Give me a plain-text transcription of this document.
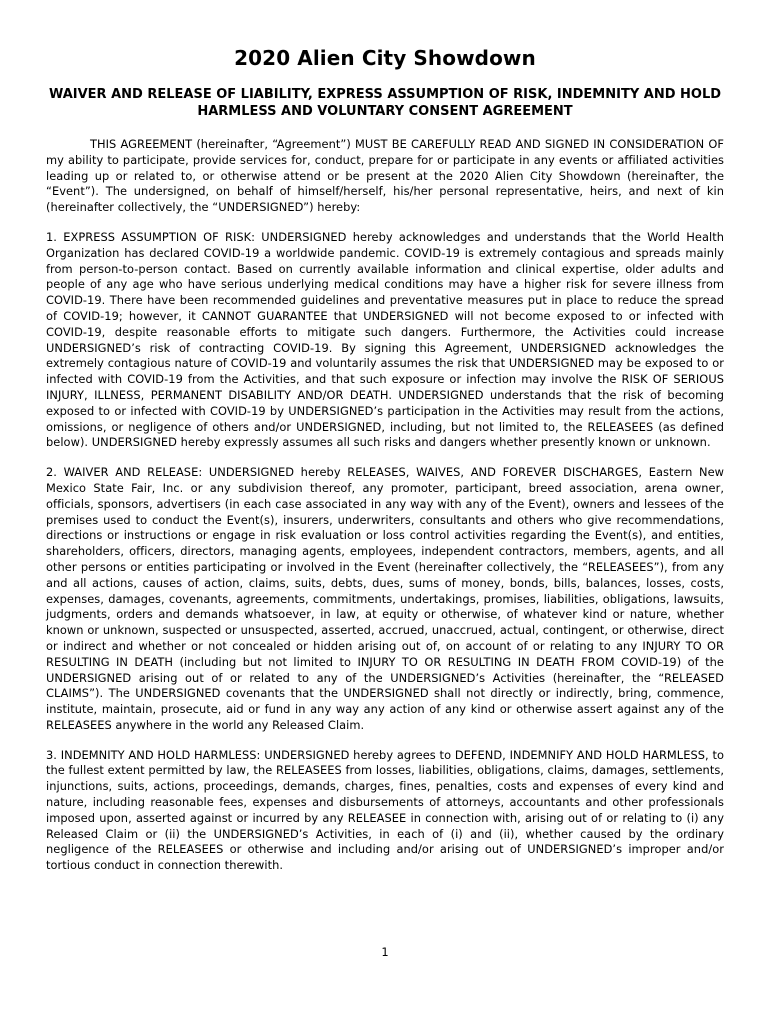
2020 Alien City Showdown
WAIVER AND RELEASE OF LIABILITY, EXPRESS ASSUMPTION OF RISK, INDEMNITY AND HOLD HARMLESS AND VOLUNTARY CONSENT AGREEMENT

THIS AGREEMENT (hereinafter, “Agreement”) MUST BE CAREFULLY READ AND SIGNED IN CONSIDERATION OF my ability to participate, provide services for, conduct, prepare for or participate in any events or affiliated activities leading up or related to, or otherwise attend or be present at the 2020 Alien City Showdown (hereinafter, the “Event”). The undersigned, on behalf of himself/herself, his/her personal representative, heirs, and next of kin (hereinafter collectively, the “UNDERSIGNED”) hereby:

1. EXPRESS ASSUMPTION OF RISK: UNDERSIGNED hereby acknowledges and understands that the World Health Organization has declared COVID-19 a worldwide pandemic. COVID-19 is extremely contagious and spreads mainly from person-to-person contact. Based on currently available information and clinical expertise, older adults and people of any age who have serious underlying medical conditions may have a higher risk for severe illness from COVID-19. There have been recommended guidelines and preventative measures put in place to reduce the spread of COVID-19; however, it CANNOT GUARANTEE that UNDERSIGNED will not become exposed to or infected with COVID-19, despite reasonable efforts to mitigate such dangers. Furthermore, the Activities could increase UNDERSIGNED’s risk of contracting COVID-19. By signing this Agreement, UNDERSIGNED acknowledges the extremely contagious nature of COVID-19 and voluntarily assumes the risk that UNDERSIGNED may be exposed to or infected with COVID-19 from the Activities, and that such exposure or infection may involve the RISK OF SERIOUS INJURY, ILLNESS, PERMANENT DISABILITY AND/OR DEATH. UNDERSIGNED understands that the risk of becoming exposed to or infected with COVID-19 by UNDERSIGNED’s participation in the Activities may result from the actions, omissions, or negligence of others and/or UNDERSIGNED, including, but not limited to, the RELEASEES (as defined below). UNDERSIGNED hereby expressly assumes all such risks and dangers whether presently known or unknown.

2. WAIVER AND RELEASE: UNDERSIGNED hereby RELEASES, WAIVES, AND FOREVER DISCHARGES, Eastern New Mexico State Fair, Inc. or any subdivision thereof, any promoter, participant, breed association, arena owner, officials, sponsors, advertisers (in each case associated in any way with any of the Event), owners and lessees of the premises used to conduct the Event(s), insurers, underwriters, consultants and others who give recommendations, directions or instructions or engage in risk evaluation or loss control activities regarding the Event(s), and entities, shareholders, officers, directors, managing agents, employees, independent contractors, members, agents, and all other persons or entities participating or involved in the Event (hereinafter collectively, the “RELEASEES”), from any and all actions, causes of action, claims, suits, debts, dues, sums of money, bonds, bills, balances, losses, costs, expenses, damages, covenants, agreements, commitments, undertakings, promises, liabilities, obligations, lawsuits, judgments, orders and demands whatsoever, in law, at equity or otherwise, of whatever kind or nature, whether known or unknown, suspected or unsuspected, asserted, accrued, unaccrued, actual, contingent, or otherwise, direct or indirect and whether or not concealed or hidden arising out of, on account of or relating to any INJURY TO OR RESULTING IN DEATH (including but not limited to INJURY TO OR RESULTING IN DEATH FROM COVID-19) of the UNDERSIGNED arising out of or related to any of the UNDERSIGNED’s Activities (hereinafter, the “RELEASED CLAIMS”). The UNDERSIGNED covenants that the UNDERSIGNED shall not directly or indirectly, bring, commence, institute, maintain, prosecute, aid or fund in any way any action of any kind or otherwise assert against any of the RELEASEES anywhere in the world any Released Claim.

3. INDEMNITY AND HOLD HARMLESS: UNDERSIGNED hereby agrees to DEFEND, INDEMNIFY AND HOLD HARMLESS, to the fullest extent permitted by law, the RELEASEES from losses, liabilities, obligations, claims, damages, settlements, injunctions, suits, actions, proceedings, demands, charges, fines, penalties, costs and expenses of every kind and nature, including reasonable fees, expenses and disbursements of attorneys, accountants and other professionals imposed upon, asserted against or incurred by any RELEASEE in connection with, arising out of or relating to (i) any Released Claim or (ii) the UNDERSIGNED’s Activities, in each of (i) and (ii), whether caused by the ordinary negligence of the RELEASEES or otherwise and including and/or arising out of UNDERSIGNED’s improper and/or tortious conduct in connection therewith.

1
